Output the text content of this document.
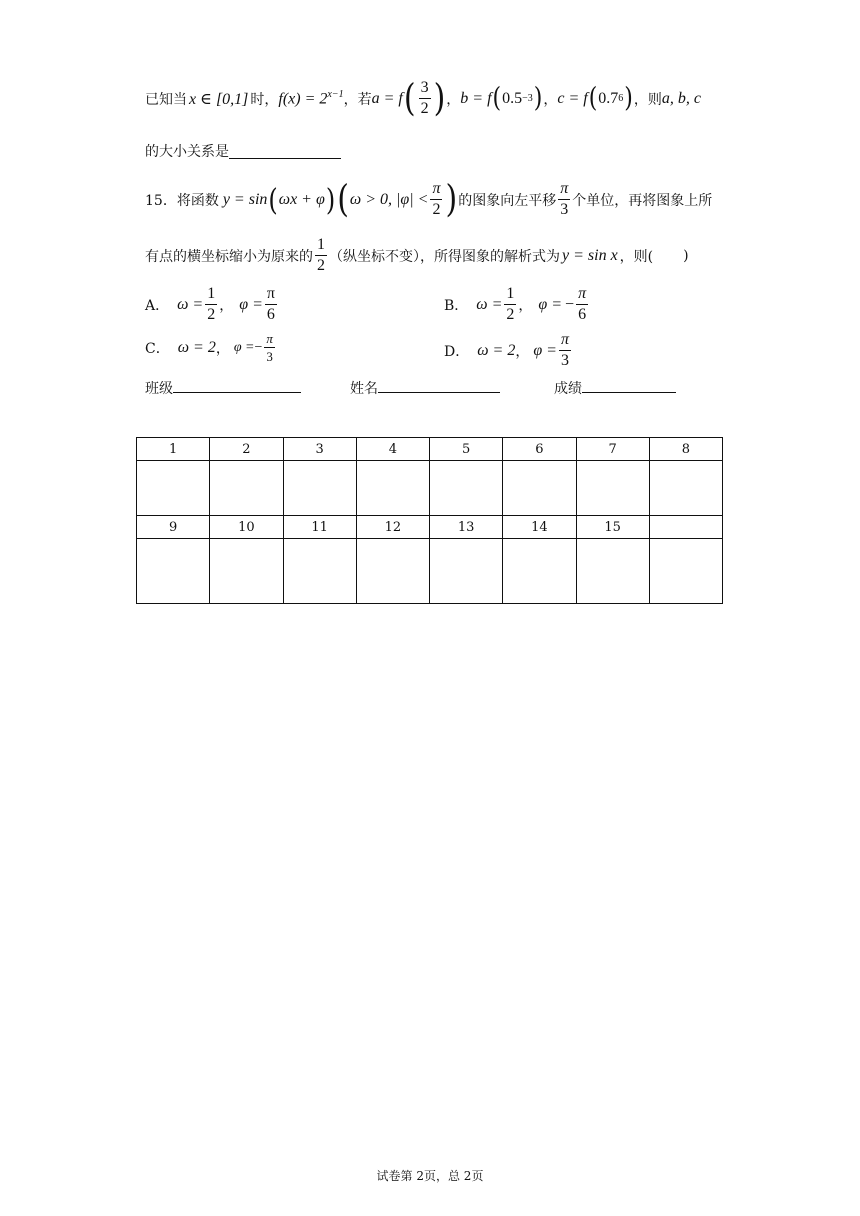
已知当 x ∈ [0,1] 时， $f(x) = 2^{x-1}$ ，若 a = f ( $\frac{3}{2}$ ) ， b = f ( 0.5 −3 ) ， c = f ( 0.7 6 ) ，则 a, b, c
的大小关系是
15．将函数 y = sin ( ωx + φ ) ( ω > 0, $|\varphi| < \frac{\pi}{2}$ ) 的图象向左平移 $\frac{\pi}{3}$ 个单位，再将图象上所
有点的横坐标缩小为原来的 $\frac{1}{2}$ （纵坐标不变），所得图象的解析式为 y = sin x ，则( )
A． $\omega = \frac{1}{2}$ ， $\varphi = \frac{\pi}{6}$	B． $\omega = \frac{1}{2}$ ， φ = − $\frac{\pi}{6}$
C． ω = 2 ， φ = − $\frac{\pi}{3}$	D． ω = 2 ， $\varphi = \frac{\pi}{3}$
班级	姓名	成绩
1	2	3	4	5	6	7	8

9	10	11	12	13	14	15	

试卷第 2页，总 2页
